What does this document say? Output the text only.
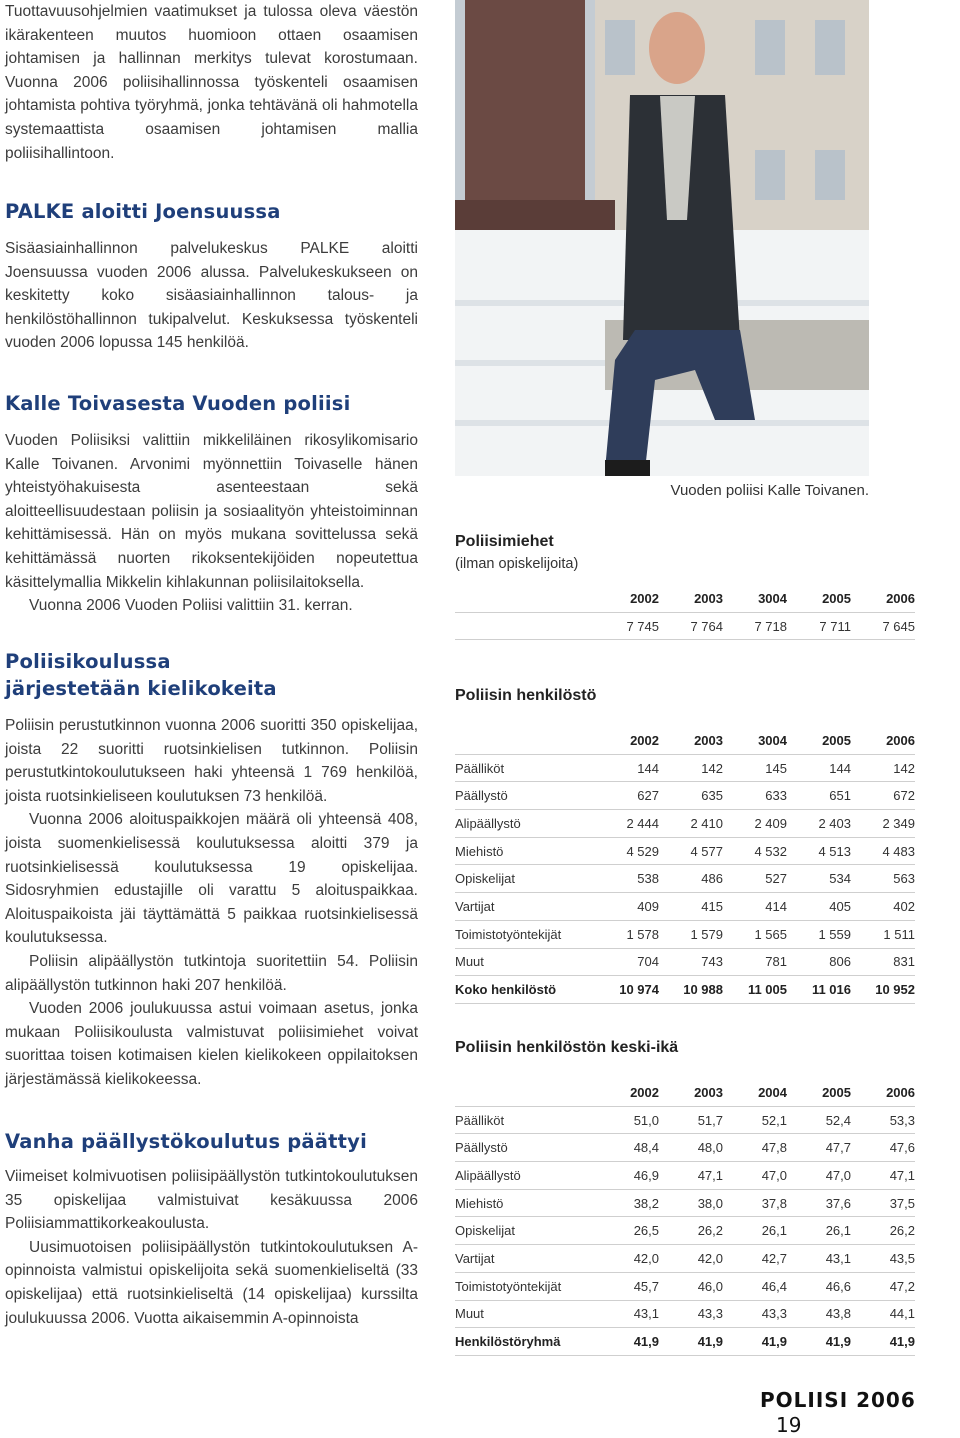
Tuottavuusohjelmien vaatimukset ja tulossa oleva väestön ikärakenteen muutos huomioon ottaen osaamisen johtamisen ja hallinnan merkitys tulevat korostumaan. Vuonna 2006 poliisihallinnossa työskenteli osaamisen johtamista pohtiva työryhmä, jonka tehtävänä oli hahmotella systemaattista osaamisen johtamisen mallia poliisihallintoon.

PALKE aloitti Joensuussa

Sisäasiainhallinnon palvelukeskus PALKE aloitti Joensuussa vuoden 2006 alussa. Palvelukeskukseen on keskitetty koko sisäasiainhallinnon talous- ja henkilöstöhallinnon tukipalvelut. Keskuksessa työskenteli vuoden 2006 lopussa 145 henkilöä.

Kalle Toivasesta Vuoden poliisi

Vuoden Poliisiksi valittiin mikkeliläinen rikosylikomisario Kalle Toivanen. Arvonimi myönnettiin Toivaselle hänen yhteistyöhakuisesta asenteestaan sekä aloitteellisuudestaan poliisin ja sosiaalityön yhteistoiminnan kehittämisessä. Hän on myös mukana sovittelussa sekä kehittämässä nuorten rikoksentekijöiden nopeutettua käsittelymallia Mikkelin kihlakunnan poliisilaitoksella.

Vuonna 2006 Vuoden Poliisi valittiin 31. kerran.

Poliisikoulussa
järjestetään kielikokeita

Poliisin perustutkinnon vuonna 2006 suoritti 350 opiskelijaa, joista 22 suoritti ruotsinkielisen tutkinnon. Poliisin perustutkintokoulutukseen haki yhteensä 1 769 henkilöä, joista ruotsinkieliseen koulutuksen 73 henkilöä.

Vuonna 2006 aloituspaikkojen määrä oli yhteensä 408, joista suomenkielisessä koulutuksessa aloitti 379 ja ruotsinkielisessä koulutuksessa 19 opiskelijaa. Sidosryhmien edustajille oli varattu 5 aloituspaikkaa. Aloituspaikoista jäi täyttämättä 5 paikkaa ruotsinkielisessä koulutuksessa.

Poliisin alipäällystön tutkintoja suoritettiin 54. Poliisin alipäällystön tutkinnon haki 207 henkilöä.

Vuoden 2006 joulukuussa astui voimaan asetus, jonka mukaan Poliisikoulusta valmistuvat poliisimiehet voivat suorittaa toisen kotimaisen kielen kielikokeen oppilaitoksen järjestämässä kielikokeessa.

Vanha päällystökoulutus päättyi

Viimeiset kolmivuotisen poliisipäällystön tutkintokoulutuksen 35 opiskelijaa valmistuivat kesäkuussa 2006 Poliisiammattikorkeakoulusta.

Uusimuotoisen poliisipäällystön tutkintokoulutuksen A-opinnoista valmistui opiskelijoita sekä suomenkieliseltä (33 opiskelijaa) että ruotsinkieliseltä (14 opiskelijaa) kurssilta joulukuussa 2006. Vuotta aikaisemmin A-opinnoista

Vuoden poliisi Kalle Toivanen.

Poliisimiehet

(ilman opiskelijoita)

	2002	2003	3004	2005	2006
	7 745	7 764	7 718	7 711	7 645

Poliisin henkilöstö

	2002	2003	3004	2005	2006
Päälliköt	144	142	145	144	142
Päällystö	627	635	633	651	672
Alipäällystö	2 444	2 410	2 409	2 403	2 349
Miehistö	4 529	4 577	4 532	4 513	4 483
Opiskelijat	538	486	527	534	563
Vartijat	409	415	414	405	402
Toimistotyöntekijät	1 578	1 579	1 565	1 559	1 511
Muut	704	743	781	806	831
Koko henkilöstö	10 974	10 988	11 005	11 016	10 952

Poliisin henkilöstön keski-ikä

	2002	2003	2004	2005	2006
Päälliköt	51,0	51,7	52,1	52,4	53,3
Päällystö	48,4	48,0	47,8	47,7	47,6
Alipäällystö	46,9	47,1	47,0	47,0	47,1
Miehistö	38,2	38,0	37,8	37,6	37,5
Opiskelijat	26,5	26,2	26,1	26,1	26,2
Vartijat	42,0	42,0	42,7	43,1	43,5
Toimistotyöntekijät	45,7	46,0	46,4	46,6	47,2
Muut	43,1	43,3	43,3	43,8	44,1
Henkilöstöryhmä	41,9	41,9	41,9	41,9	41,9
POLIISI 2006 19
